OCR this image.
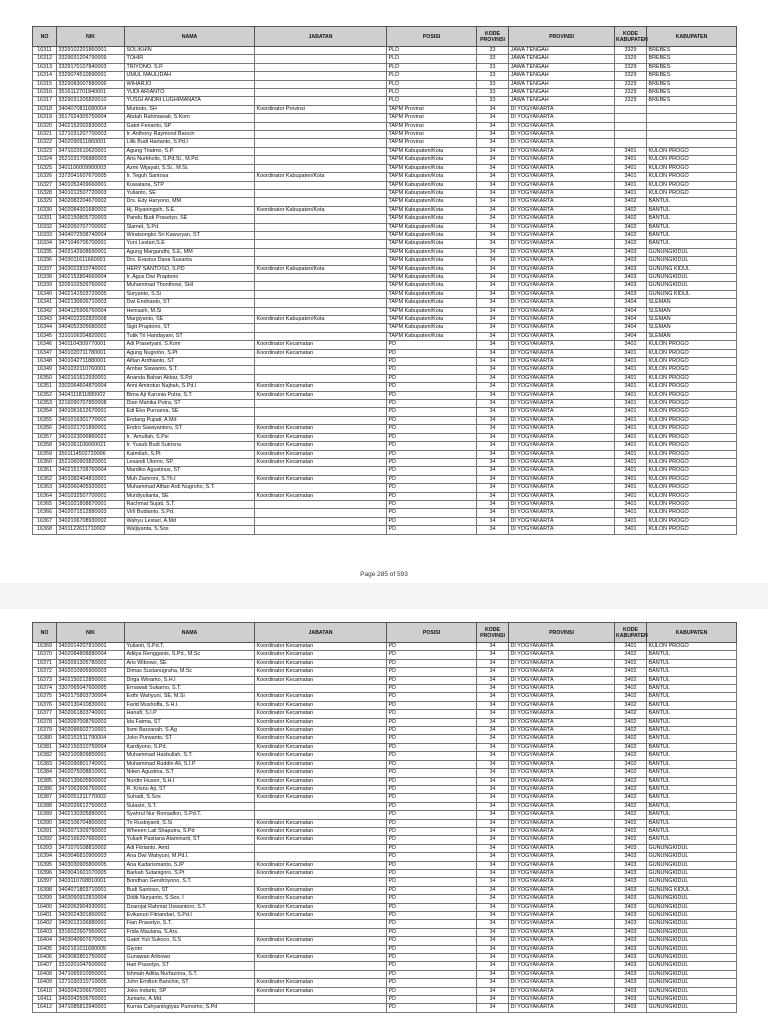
NO	NIK	NAMA	JABATAN	POSISI	KODE PROVINSI	PROVINSI	KODE KABUPATEN	KABUPATEN
16311	3329102201860001	SOLIKHIN		PLD	33	JAWA TENGAH	3329	BREBES
16312	3329031204790009	TOHIR		PLD	33	JAWA TENGAH	3329	BREBES
16313	3329170107840003	TRIYONO. S.P.		PLD	33	JAWA TENGAH	3329	BREBES
16314	3329074510890001	UMUL MAULIDAH		PLD	33	JAWA TENGAH	3329	BREBES
16315	3329083007880006	WIHARJO		PLD	33	JAWA TENGAH	3329	BREBES
16316	3516112701840001	YUDI ARIANTO		PLD	33	JAWA TENGAH	3329	BREBES
16317	3329031205820010	YUSGI ANDRI LUGHIMANATA		PLD	33	JAWA TENGAH	3329	BREBES
16318	3404070811680004	Murtodo, SH	Koordinator Provinsi	TAPM Provinsi	34	DI YOGYAKARTA		
16319	3517024305750004	Abdah Rahmawati, S.Kom		TAPM Provinsi	34	DI YOGYAKARTA		
16320	3402152002830003	Gatot Ferianto, SP		TAPM Provinsi	34	DI YOGYAKARTA		
16321	1271031207700003	Ir. Anthony Raymond Bancin		TAPM Provinsi	34	DI YOGYAKARTA		
16322	3402090911860001	Lilik Budi Hartanto, S.Pd.I		TAPM Provinsi	34	DI YOGYAKARTA		
16323	3471022610620001	Agung Triatmo, S.P.		TAPM Kabupaten/Kota	34	DI YOGYAKARTA	3401	KULON PROGO
16324	3521031706880003	Aris Nurkholis, S.Pd.Si., M.Pd.		TAPM Kabupaten/Kota	34	DI YOGYAKARTA	3401	KULON PROGO
16325	3401106009900003	Azmi Wijayati, S.Si., M.Si.		TAPM Kabupaten/Kota	34	DI YOGYAKARTA	3401	KULON PROGO
16326	3372041607670005	Ir. Teguh Santosa	Koordinator Kabupaten/Kota	TAPM Kabupaten/Kota	34	DI YOGYAKARTA	3401	KULON PROGO
16327	3401052409660001	Kuwatana, STP		TAPM Kabupaten/Kota	34	DI YOGYAKARTA	3401	KULON PROGO
16328	3401012507720003	Yulianto, SE		TAPM Kabupaten/Kota	34	DI YOGYAKARTA	3401	KULON PROGO
16329	3402082204670002	Drs. Edy Haryono, MM		TAPM Kabupaten/Kota	34	DI YOGYAKARTA	3402	BANTUL
16330	3402084301680002	Hj. Riyaningsih, S.E.	Koordinator Kabupaten/Kota	TAPM Kabupaten/Kota	34	DI YOGYAKARTA	3402	BANTUL
16331	3402150805720003	Pandu Budi Prasetyo, SE		TAPM Kabupaten/Kota	34	DI YOGYAKARTA	3402	BANTUL
16332	3402050707700002	Slamet, S.Pd.		TAPM Kabupaten/Kota	34	DI YOGYAKARTA	3402	BANTUL
16333	3404072508740004	Wiratsongko Sri Kawuryan, ST		TAPM Kabupaten/Kota	34	DI YOGYAKARTA	3402	BANTUL
16334	3471046706700001	Yuni Lestari,S.E		TAPM Kabupaten/Kota	34	DI YOGYAKARTA	3402	BANTUL
16335	3403142908690001	Agung Margandhi, S.E, MM		TAPM Kabupaten/Kota	34	DI YOGYAKARTA	3403	GUNUNGKIDUL
16336	3403011611660001	Drs. Erastus Dana Susanta		TAPM Kabupaten/Kota	34	DI YOGYAKARTA	3403	GUNUNGKIDUL
16337	3403022810740001	HERY SANTOSO, S.PD	Koordinator Kabupaten/Kota	TAPM Kabupaten/Kota	34	DI YOGYAKARTA	3403	GUNUNG KIDUL
16338	3402152804660004	Ir. Agus Dwi Praptono		TAPM Kabupaten/Kota	34	DI YOGYAKARTA	3403	GUNUNGKIDUL
16339	3209102509760002	Muhammad Thonthowi, SHI		TAPM Kabupaten/Kota	34	DI YOGYAKARTA	3403	GUNUNGKIDUL
16340	3402141503720005	Suryanto, S.Si		TAPM Kabupaten/Kota	34	DI YOGYAKARTA	3403	GUNUNG KIDUL
16341	3402130606710003	Dwi Endrianto, ST		TAPM Kabupaten/Kota	34	DI YOGYAKARTA	3404	SLEMAN
16342	3404125906760004	Heniasih, M.Si		TAPM Kabupaten/Kota	34	DI YOGYAKARTA	3404	SLEMAN
16343	3404022202820008	Margiyanto, SE	Koordinator Kabupaten/Kota	TAPM Kabupaten/Kota	34	DI YOGYAKARTA	3404	SLEMAN
16344	3404052305680002	Sigit Praptono, ST		TAPM Kabupaten/Kota	34	DI YOGYAKARTA	3404	SLEMAN
16345	3310106204820001	Tutik Tri Handayani, ST		TAPM Kabupaten/Kota	34	DI YOGYAKARTA	3404	SLEMAN
16346	3401104309770001	Adi Prasetyani, S.Kom	Koordinator Kecamatan	PD	34	DI YOGYAKARTA	3401	KULON PROGO
16347	3401020711780001	Agung Nugroho, S.Pt	Koordinator Kecamatan	PD	34	DI YOGYAKARTA	3401	KULON PROGO
16348	3401042711880001	Alfian Ardhianto, ST		PD	34	DI YOGYAKARTA	3401	KULON PROGO
16349	3401032110760001	Ambar Siswanto, S.T.		PD	34	DI YOGYAKARTA	3401	KULON PROGO
16350	3402161612930001	Ananda Bahari Akbar, S.Pd		PD	34	DI YOGYAKARTA	3401	KULON PROGO
16351	3302064604870004	Anni Amirotun Najhah, S.Pd.I	Koordinator Kecamatan	PD	34	DI YOGYAKARTA	3401	KULON PROGO
16352	3404111811880002	Bima Aji Karunia Putra, S.T.	Koordinator Kecamatan	PD	34	DI YOGYAKARTA	3401	KULON PROGO
16353	3216090707850008	Dian Manika Putra, ST		PD	34	DI YOGYAKARTA	3401	KULON PROGO
16354	3401061612670001	Edi Eko Purnama, SE		PD	34	DI YOGYAKARTA	3401	KULON PROGO
16355	3401016301770002	Endang Pujiati, A.Md		PD	34	DI YOGYAKARTA	3401	KULON PROGO
16356	3401021701890001	Endro Sawiyantoro, ST	Koordinator Kecamatan	PD	34	DI YOGYAKARTA	3401	KULON PROGO
16357	3401023006860021	Ir. 'Amullah, S.Psi	Koordinator Kecamatan	PD	34	DI YOGYAKARTA	3401	KULON PROGO
16358	3401061106660021	Ir. Yusub Budi Sutrisna	Koordinator Kecamatan	PD	34	DI YOGYAKARTA	3401	KULON PROGO
16359	3501114502720006	Katmilah, S.Pt	Koordinator Kecamatan	PD	34	DI YOGYAKARTA	3401	KULON PROGO
16360	3521060903820001	Lesandi Utomo, SP.	Koordinator Kecamatan	PD	34	DI YOGYAKARTA	3401	KULON PROGO
16361	3402151708760004	Mardiko Agustinus, ST		PD	34	DI YOGYAKARTA	3401	KULON PROGO
16362	3401082404810001	Muh Zamroni, S.Th.I	Koordinator Kecamatan	PD	34	DI YOGYAKARTA	3401	KULON PROGO
16363	3402060405920001	Muhammad Alfian Ardi Nugroho, S.T.		PD	34	DI YOGYAKARTA	3401	KULON PROGO
16364	3401032507700001	Murdiyulianta, SE	Koordinator Kecamatan	PD	34	DI YOGYAKARTA	3401	KULON PROGO
16365	3401021808870001	Rachmat Sujati, S.T.		PD	34	DI YOGYAKARTA	3401	KULON PROGO
16366	3402071512880003	Virli Budianto, S.Pd.		PD	34	DI YOGYAKARTA	3401	KULON PROGO
16367	3402106708930002	Wahyu Lestari, A.Md		PD	34	DI YOGYAKARTA	3401	KULON PROGO
16368	3401122611710002	Waljiyanta, S.Sos		PD	34	DI YOGYAKARTA	3401	KULON PROGO
Page 285 of 593
NO	NIK	NAMA	JABATAN	POSISI	KODE PROVINSI	PROVINSI	KODE KABUPATEN	KABUPATEN
16369	3402014207810001	Yulianti, S.Pd.T.	Koordinator Kecamatan	PD	34	DI YOGYAKARTA	3401	KULON PROGO
16370	3402084808880004	Aditya Rengganis, S.Pd., M.Sc	Koordinator Kecamatan	PD	34	DI YOGYAKARTA	3402	BANTUL
16371	3402091305780002	Aris Wibowo, SE	Koordinator Kecamatan	PD	34	DI YOGYAKARTA	3402	BANTUL
16372	3402010905900003	Dimas Sustanugraha, M.Sc	Koordinator Kecamatan	PD	34	DI YOGYAKARTA	3402	BANTUL
16373	3402150212850001	Dirga Winarko, S.H.I	Koordinator Kecamatan	PD	34	DI YOGYAKARTA	3402	BANTUL
16374	3307065047600005	Ernawati Sukarno, S.T.		PD	34	DI YOGYAKARTA	3402	BANTUL
16375	3402175803730004	Esthi Wahyuni, SE, M.Si	Koordinator Kecamatan	PD	34	DI YOGYAKARTA	3402	BANTUL
16376	3402130410830001	Farid Mushoffa, S.H.I.	Koordinator Kecamatan	PD	34	DI YOGYAKARTA	3402	BANTUL
16377	3402061803740001	Hanafi, S.I.P	Koordinator Kecamatan	PD	34	DI YOGYAKARTA	3402	BANTUL
16378	3402097008760002	Ida Fatma, ST	Koordinator Kecamatan	PD	34	DI YOGYAKARTA	3402	BANTUL
16379	3402096602710001	Iismi Barzanah, S.Ag	Koordinator Kecamatan	PD	34	DI YOGYAKARTA	3402	BANTUL
16380	3402151511790004	Joko Purwanto, ST	Koordinator Kecamatan	PD	34	DI YOGYAKARTA	3402	BANTUL
16381	3402150310750004	Kardiyono, S.Pd.	Koordinator Kecamatan	PD	34	DI YOGYAKARTA	3402	BANTUL
16382	3402100809850001	Muhammad Hasbullah, S.T.	Koordinator Kecamatan	PD	34	DI YOGYAKARTA	3402	BANTUL
16383	3402090801740001	Muhammad Ruddin Ali, S.I.P	Koordinator Kecamatan	PD	34	DI YOGYAKARTA	3402	BANTUL
16384	3402075008810001	Niken Agustina, S.T	Koordinator Kecamatan	PD	34	DI YOGYAKARTA	3402	BANTUL
16385	3402130605800002	Nurdin Husen, S.H.I	Koordinator Kecamatan	PD	34	DI YOGYAKARTA	3402	BANTUL
16386	3471062606760001	R. Krisnu Aji, ST	Koordinator Kecamatan	PD	34	DI YOGYAKARTA	3402	BANTUL
16387	3402051211770002	Suhadi, S.Sos	Koordinator Kecamatan	PD	34	DI YOGYAKARTA	3402	BANTUL
16388	3402026612750003	Sulastri, S.T.		PD	34	DI YOGYAKARTA	3402	BANTUL
16389	3402130305880001	Syahrul Nur Romadlon, S.Pd.T.		PD	34	DI YOGYAKARTA	3402	BANTUL
16390	3402106704800002	Tri Rusbiyanti, S.Si	Koordinator Kecamatan	PD	34	DI YOGYAKARTA	3402	BANTUL
16391	3402071309790002	Wheeen Lail Shaputra, S.Pd	Koordinator Kecamatan	PD	34	DI YOGYAKARTA	3402	BANTUL
16392	3402166207660001	Yuliarli Pastiana Alaminarti, ST	Koordinator Kecamatan	PD	34	DI YOGYAKARTA	3402	BANTUL
16393	3471070108810002	Adi Fitrianto, Amd		PD	34	DI YOGYAKARTA	3403	GUNUNGKIDUL
16394	3403046810900003	Ana Dwi Wahyuni, M.Pd.I.		PD	34	DI YOGYAKARTA	3403	GUNUNGKIDUL
16395	3403030905800005	Ana Kadarismanto, S.IP	Koordinator Kecamatan	PD	34	DI YOGYAKARTA	3403	GUNUNGKIDUL
16396	3403041601070005	Barkah Sutanigoro, S.Pt	Koordinator Kecamatan	PD	34	DI YOGYAKARTA	3403	GUNUNGKIDUL
16397	3403110708810001	Bondhan Gendroyono, S.T.		PD	34	DI YOGYAKARTA	3403	GUNUNGKIDUL
16398	3404071803710001	Budi Santoso, ST	Koordinator Kecamatan	PD	34	DI YOGYAKARTA	3403	GUNUNG KIDUL
16399	3403090912810004	Didik Nuryanto, S.Sos, I	Koordinator Kecamatan	PD	34	DI YOGYAKARTA	3403	GUNUNGKIDUL
16400	3402062904930001	Dzarojat Rahmat Uswantoro, S.T.	Koordinator Kecamatan	PD	34	DI YOGYAKARTA	3403	GUNUNGKIDUL
16401	3403024301860002	Evikanuri Fitriandari, S.Pd.I	Koordinator Kecamatan	PD	34	DI YOGYAKARTA	3403	GUNUNGKIDUL
16402	3403012106880001	Fian Prasetyo, S.T.		PD	34	DI YOGYAKARTA	3403	GUNUNGKIDUL
16403	3316022607960002	Frida Maulana, S.Ars.		PD	34	DI YOGYAKARTA	3403	GUNUNGKIDUL
16404	3403040907670001	Gatot Yuli Sukoco, S.S	Koordinator Kecamatan	PD	34	DI YOGYAKARTA	3403	GUNUNGKIDUL
16405	3402161011680005	Giyoto		PD	34	DI YOGYAKARTA	3403	GUNUNGKIDUL
16406	3403082801750002	Gunawan Aribowo	Koordinator Kecamatan	PD	34	DI YOGYAKARTA	3403	GUNUNGKIDUL
16407	3310201047600002	Hari Prasetyo, ST		PD	34	DI YOGYAKARTA	3403	GUNUNGKIDUL
16408	3471065910950001	Ishmah Aditia Nurfazrina, S.T.		PD	34	DI YOGYAKARTA	3403	GUNUNGKIDUL
16409	1271030310710005	John Emilton Banchin, ST	Koordinator Kecamatan	PD	34	DI YOGYAKARTA	3403	GUNUNGKIDUL
16410	3402042206670001	Joko Indarto, SP	Koordinator Kecamatan	PD	34	DI YOGYAKARTA	3403	GUNUNGKIDUL
16411	3402042506760001	Juniarto, A.Md.		PD	34	DI YOGYAKARTA	3403	GUNUNGKIDUL
16412	3471085812940001	Kurnia Cahyaningtyas Purnomo, S.Pd		PD	34	DI YOGYAKARTA	3403	GUNUNGKIDUL
